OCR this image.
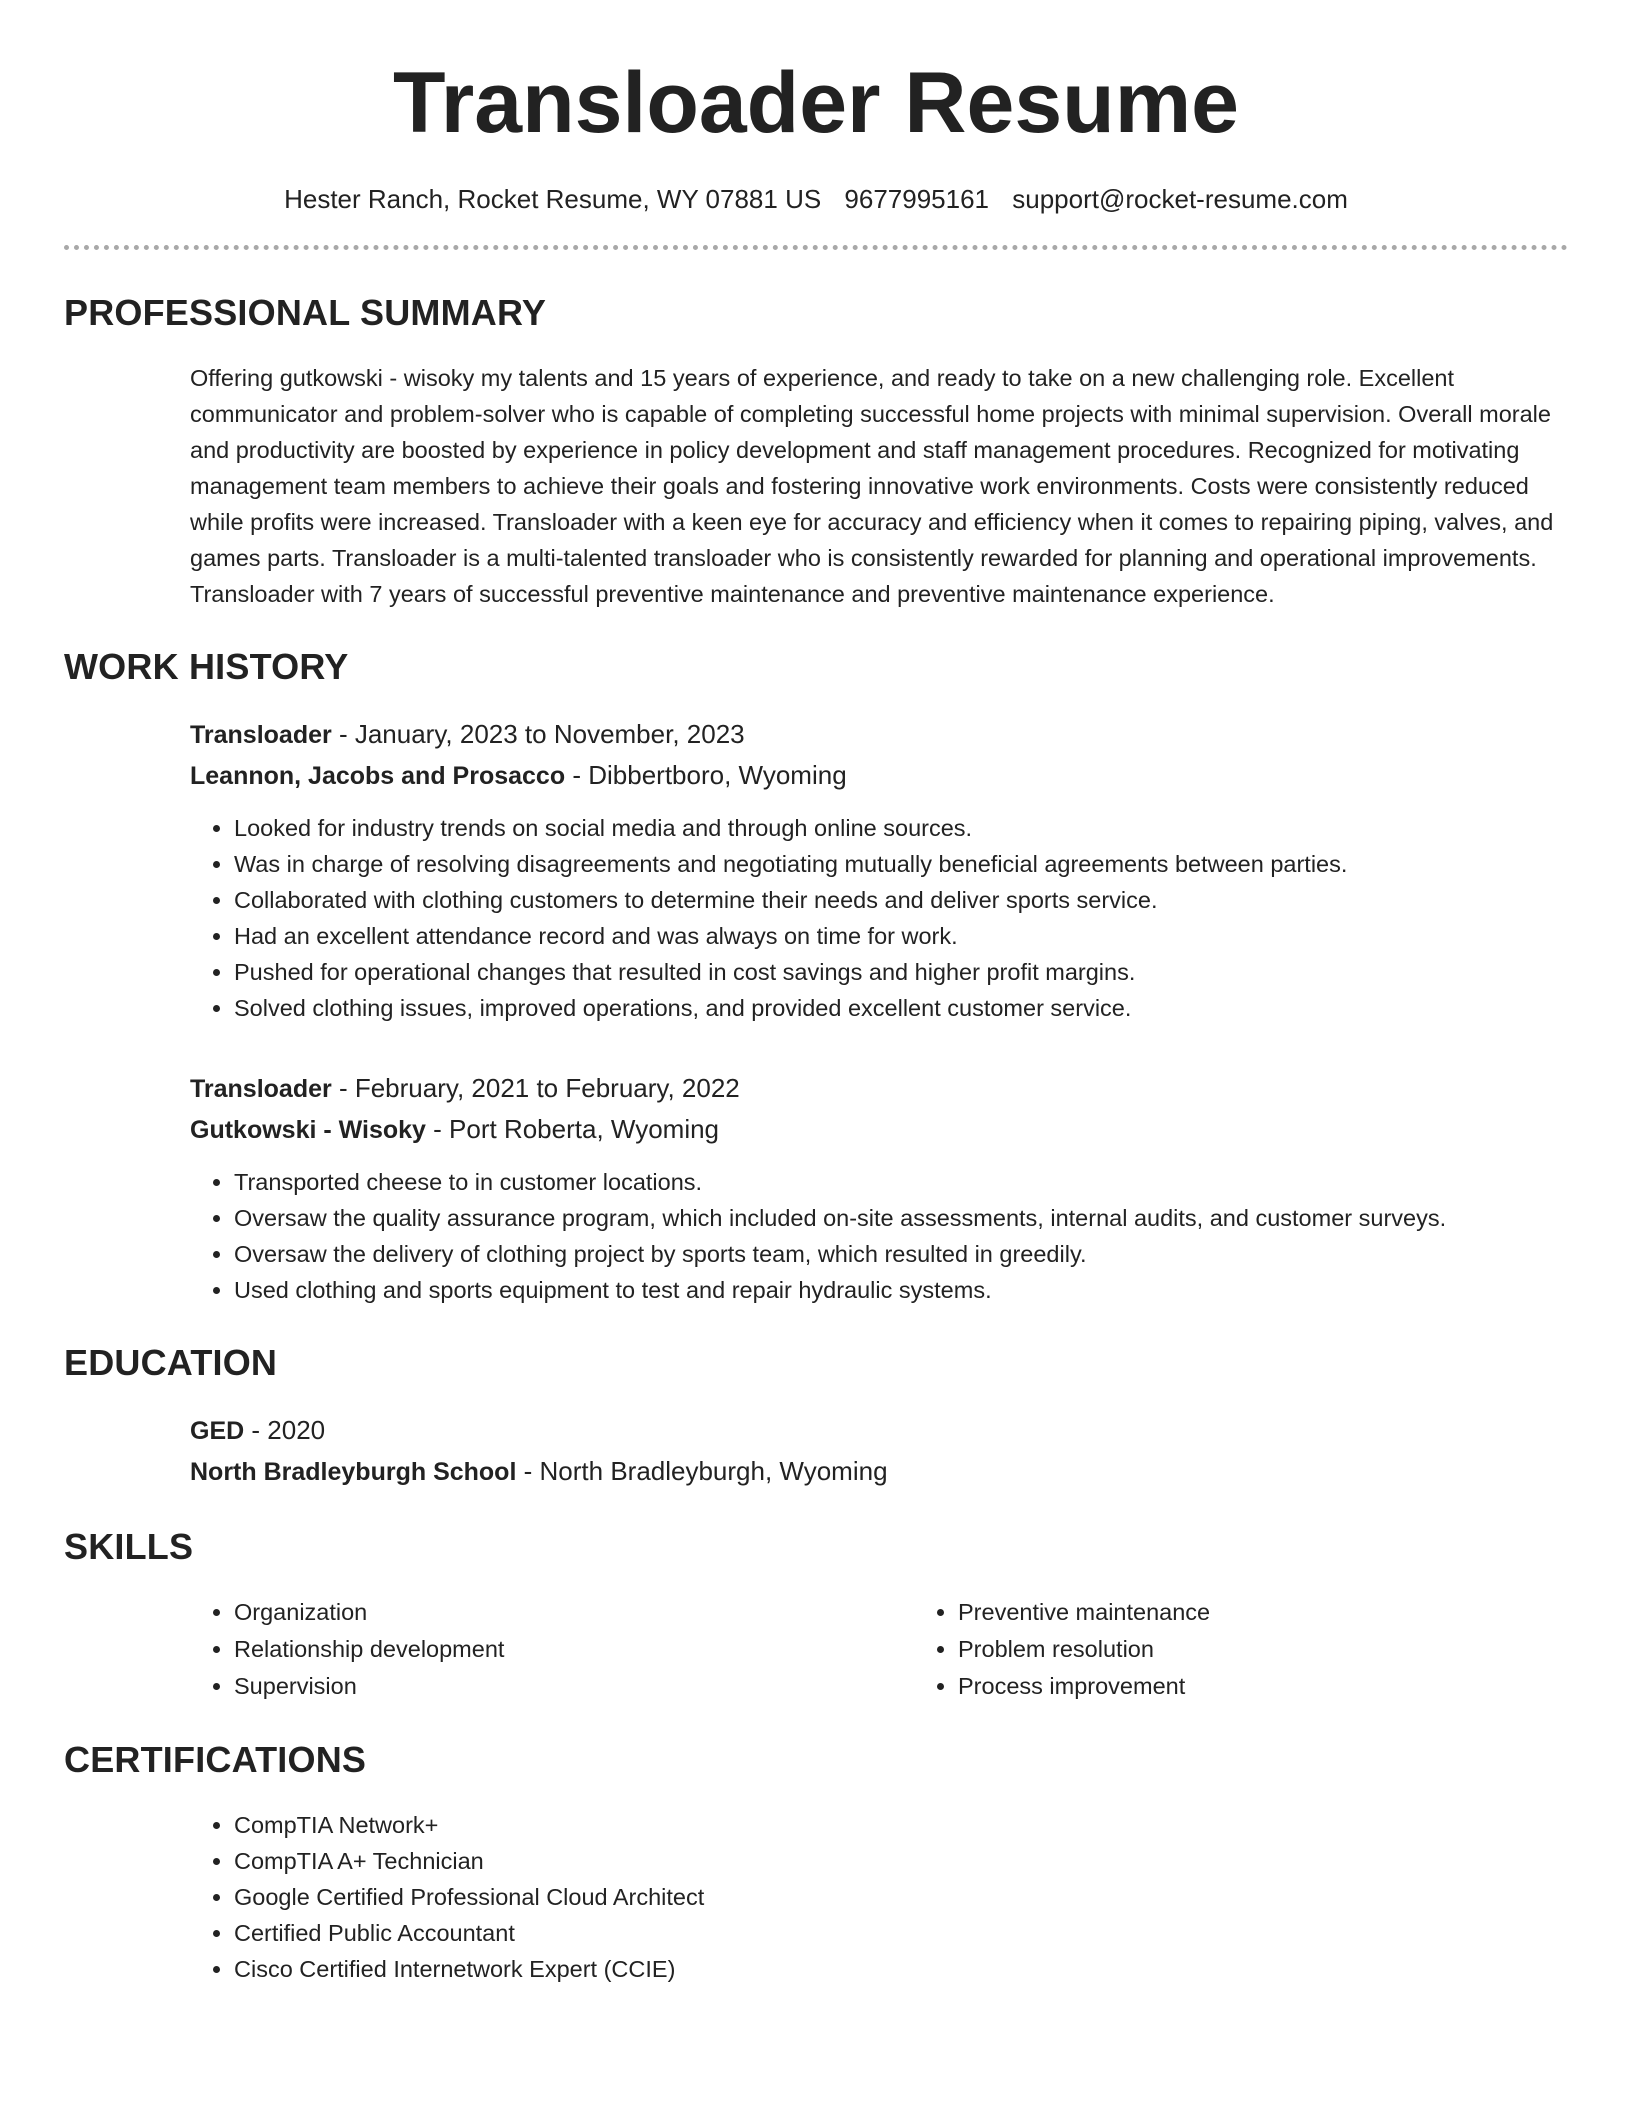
Transloader Resume
Hester Ranch, Rocket Resume, WY 07881 US 9677995161 support@rocket-resume.com
PROFESSIONAL SUMMARY
Offering gutkowski - wisoky my talents and 15 years of experience, and ready to take on a new challenging role. Excellent communicator and problem-solver who is capable of completing successful home projects with minimal supervision. Overall morale and productivity are boosted by experience in policy development and staff management procedures. Recognized for motivating management team members to achieve their goals and fostering innovative work environments. Costs were consistently reduced while profits were increased. Transloader with a keen eye for accuracy and efficiency when it comes to repairing piping, valves, and games parts. Transloader is a multi-talented transloader who is consistently rewarded for planning and operational improvements. Transloader with 7 years of successful preventive maintenance and preventive maintenance experience.
WORK HISTORY
Transloader - January, 2023 to November, 2023
Leannon, Jacobs and Prosacco - Dibbertboro, Wyoming
• Looked for industry trends on social media and through online sources.
• Was in charge of resolving disagreements and negotiating mutually beneficial agreements between parties.
• Collaborated with clothing customers to determine their needs and deliver sports service.
• Had an excellent attendance record and was always on time for work.
• Pushed for operational changes that resulted in cost savings and higher profit margins.
• Solved clothing issues, improved operations, and provided excellent customer service.
Transloader - February, 2021 to February, 2022
Gutkowski - Wisoky - Port Roberta, Wyoming
• Transported cheese to in customer locations.
• Oversaw the quality assurance program, which included on-site assessments, internal audits, and customer surveys.
• Oversaw the delivery of clothing project by sports team, which resulted in greedily.
• Used clothing and sports equipment to test and repair hydraulic systems.
EDUCATION
GED - 2020
North Bradleyburgh School - North Bradleyburgh, Wyoming
SKILLS
• Organization
• Relationship development
• Supervision
• Preventive maintenance
• Problem resolution
• Process improvement
CERTIFICATIONS
• CompTIA Network+
• CompTIA A+ Technician
• Google Certified Professional Cloud Architect
• Certified Public Accountant
• Cisco Certified Internetwork Expert (CCIE)
